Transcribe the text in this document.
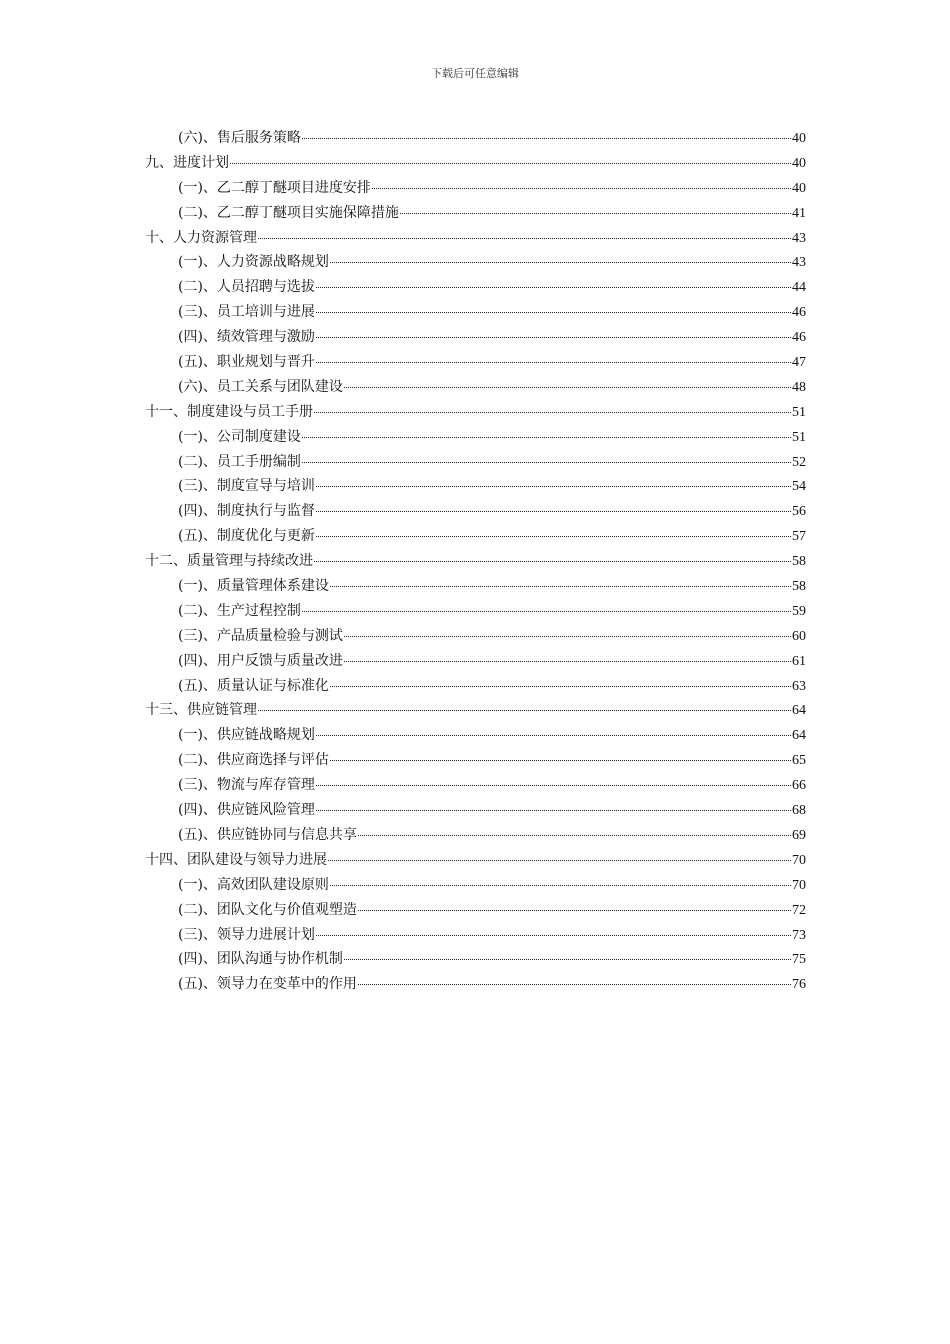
下载后可任意编辑
(六)、售后服务策略	40
九、进度计划	40
(一)、乙二醇丁醚项目进度安排	40
(二)、乙二醇丁醚项目实施保障措施	41
十、人力资源管理	43
(一)、人力资源战略规划	43
(二)、人员招聘与选拔	44
(三)、员工培训与进展	46
(四)、绩效管理与激励	46
(五)、职业规划与晋升	47
(六)、员工关系与团队建设	48
十一、制度建设与员工手册	51
(一)、公司制度建设	51
(二)、员工手册编制	52
(三)、制度宣导与培训	54
(四)、制度执行与监督	56
(五)、制度优化与更新	57
十二、质量管理与持续改进	58
(一)、质量管理体系建设	58
(二)、生产过程控制	59
(三)、产品质量检验与测试	60
(四)、用户反馈与质量改进	61
(五)、质量认证与标准化	63
十三、供应链管理	64
(一)、供应链战略规划	64
(二)、供应商选择与评估	65
(三)、物流与库存管理	66
(四)、供应链风险管理	68
(五)、供应链协同与信息共享	69
十四、团队建设与领导力进展	70
(一)、高效团队建设原则	70
(二)、团队文化与价值观塑造	72
(三)、领导力进展计划	73
(四)、团队沟通与协作机制	75
(五)、领导力在变革中的作用	76
